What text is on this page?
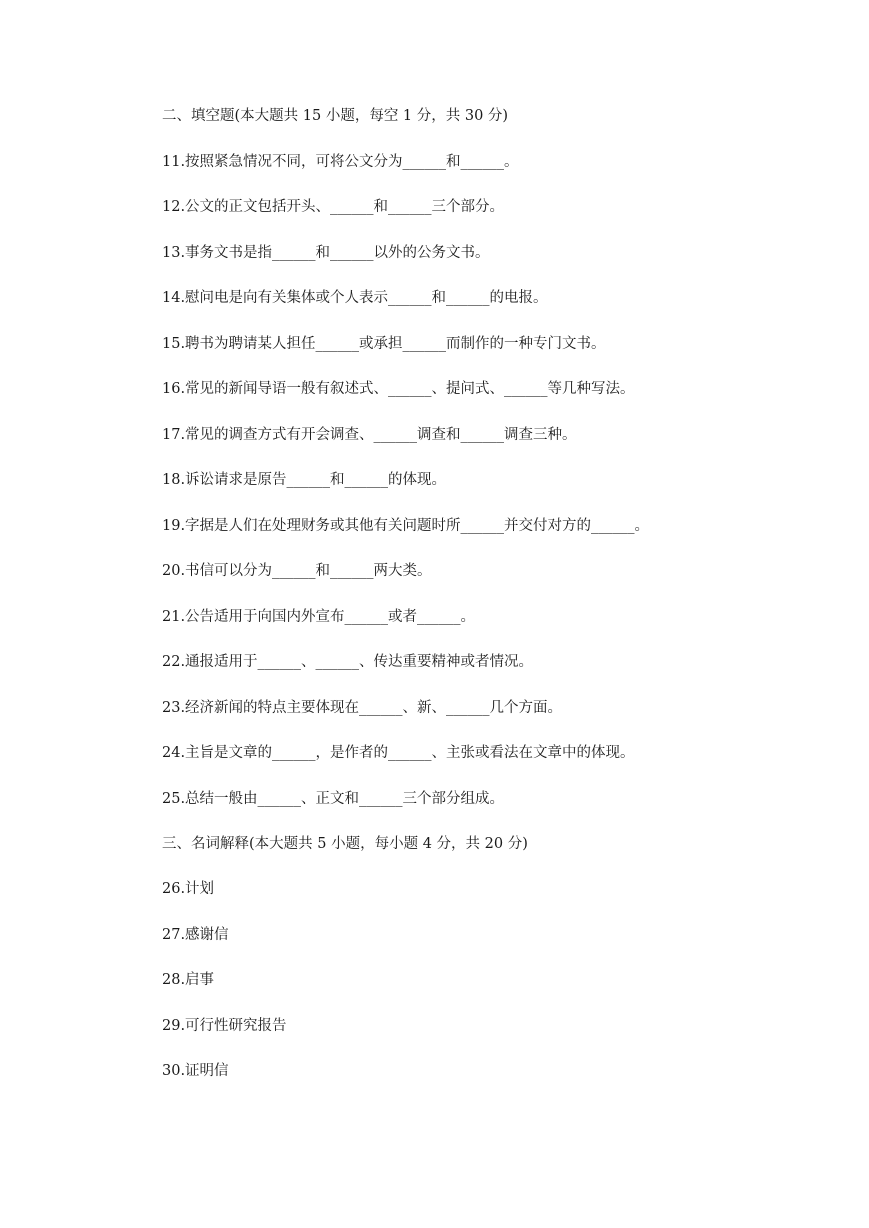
二、填空题(本大题共 15 小题，每空 1 分，共 30 分)

11.按照紧急情况不同，可将公文分为______和______。

12.公文的正文包括开头、______和______三个部分。

13.事务文书是指______和______以外的公务文书。

14.慰问电是向有关集体或个人表示______和______的电报。

15.聘书为聘请某人担任______或承担______而制作的一种专门文书。

16.常见的新闻导语一般有叙述式、______、提问式、______等几种写法。

17.常见的调查方式有开会调查、______调查和______调查三种。

18.诉讼请求是原告______和______的体现。

19.字据是人们在处理财务或其他有关问题时所______并交付对方的______。

20.书信可以分为______和______两大类。

21.公告适用于向国内外宣布______或者______。

22.通报适用于______、______、传达重要精神或者情况。

23.经济新闻的特点主要体现在______、新、______几个方面。

24.主旨是文章的______，是作者的______、主张或看法在文章中的体现。

25.总结一般由______、正文和______三个部分组成。

三、名词解释(本大题共 5 小题，每小题 4 分，共 20 分)

26.计划

27.感谢信

28.启事

29.可行性研究报告

30.证明信
